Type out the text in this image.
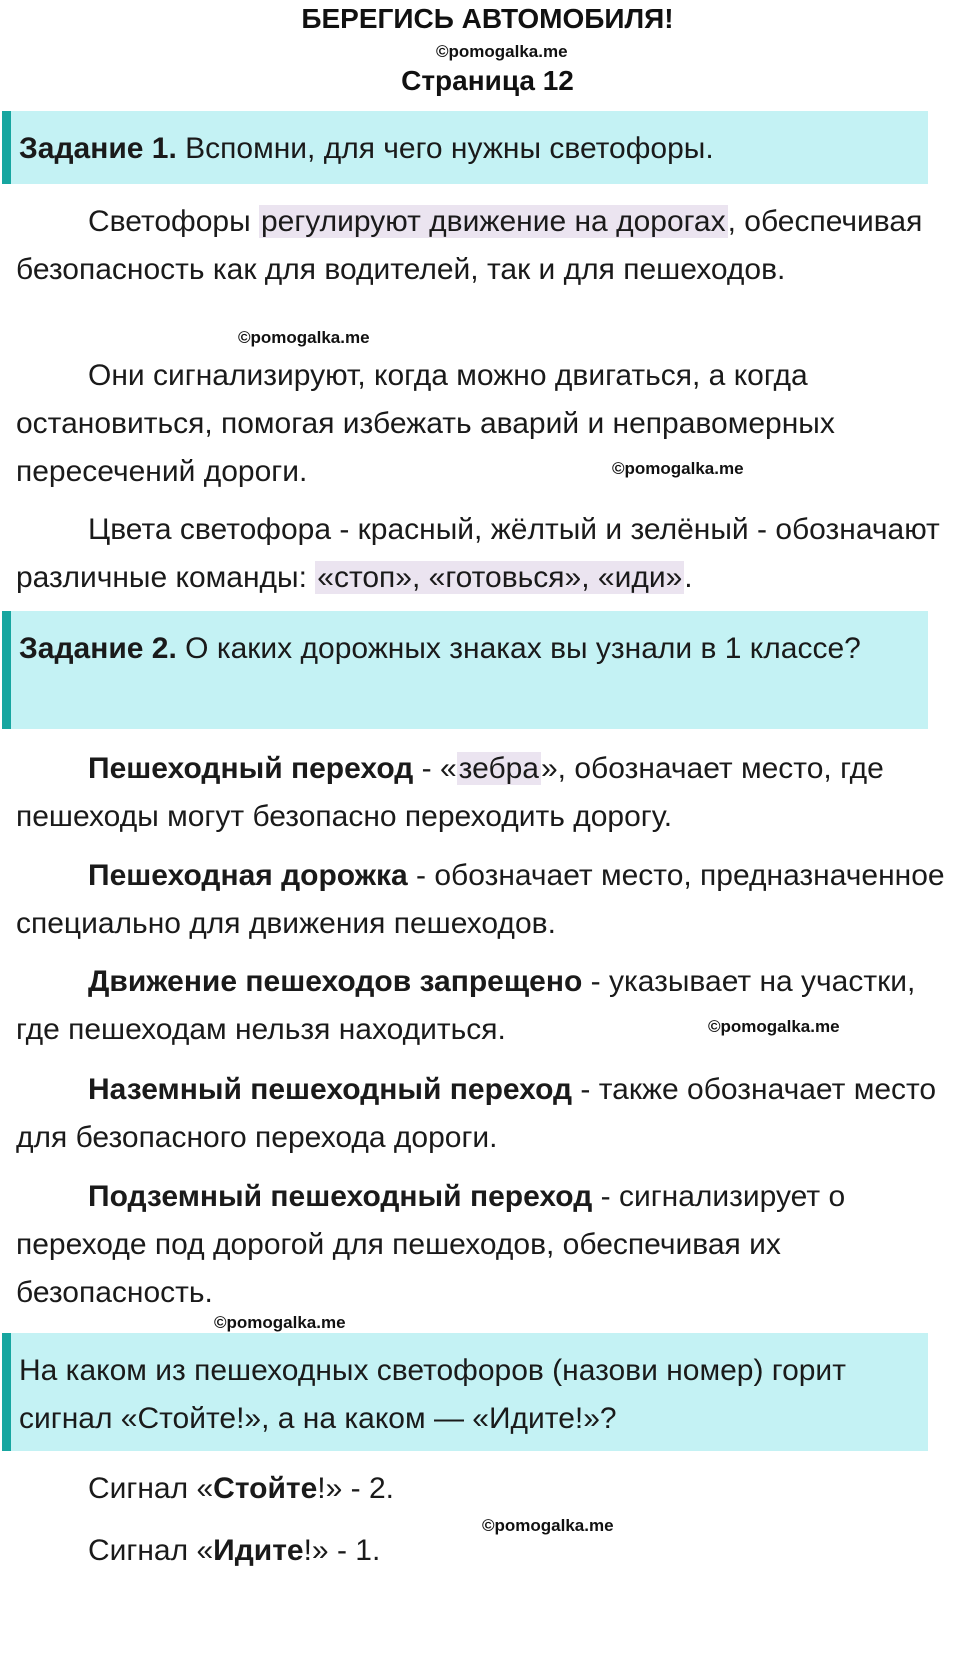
БЕРЕГИСЬ АВТОМОБИЛЯ!
©pomogalka.me
Страница 12
Задание 1. Вспомни, для чего нужны светофоры.

Светофоры регулируют движение на дорогах, обеспечивая безопасность как для водителей, так и для пешеходов.

©pomogalka.me

Они сигнализируют, когда можно двигаться, а когда остановиться, помогая избежать аварий и неправомерных пересечений дороги.	©pomogalka.me

Цвета светофора - красный, жёлтый и зелёный - обозначают различные команды: «стоп», «готовься», «иди».

Задание 2. О каких дорожных знаках вы узнали в 1 классе?

Пешеходный переход - «зебра», обозначает место, где пешеходы могут безопасно переходить дорогу.

Пешеходная дорожка - обозначает место, предназначенное специально для движения пешеходов.

Движение пешеходов запрещено - указывает на участки, где пешеходам нельзя находиться.	©pomogalka.me

Наземный пешеходный переход - также обозначает место для безопасного перехода дороги.

Подземный пешеходный переход - сигнализирует о переходе под дорогой для пешеходов, обеспечивая их безопасность.

©pomogalka.me
На каком из пешеходных светофоров (назови номер) горит сигнал «Стойте!», а на каком — «Идите!»?
Сигнал «Стойте!» - 2.
©pomogalka.me
Сигнал «Идите!» - 1.
